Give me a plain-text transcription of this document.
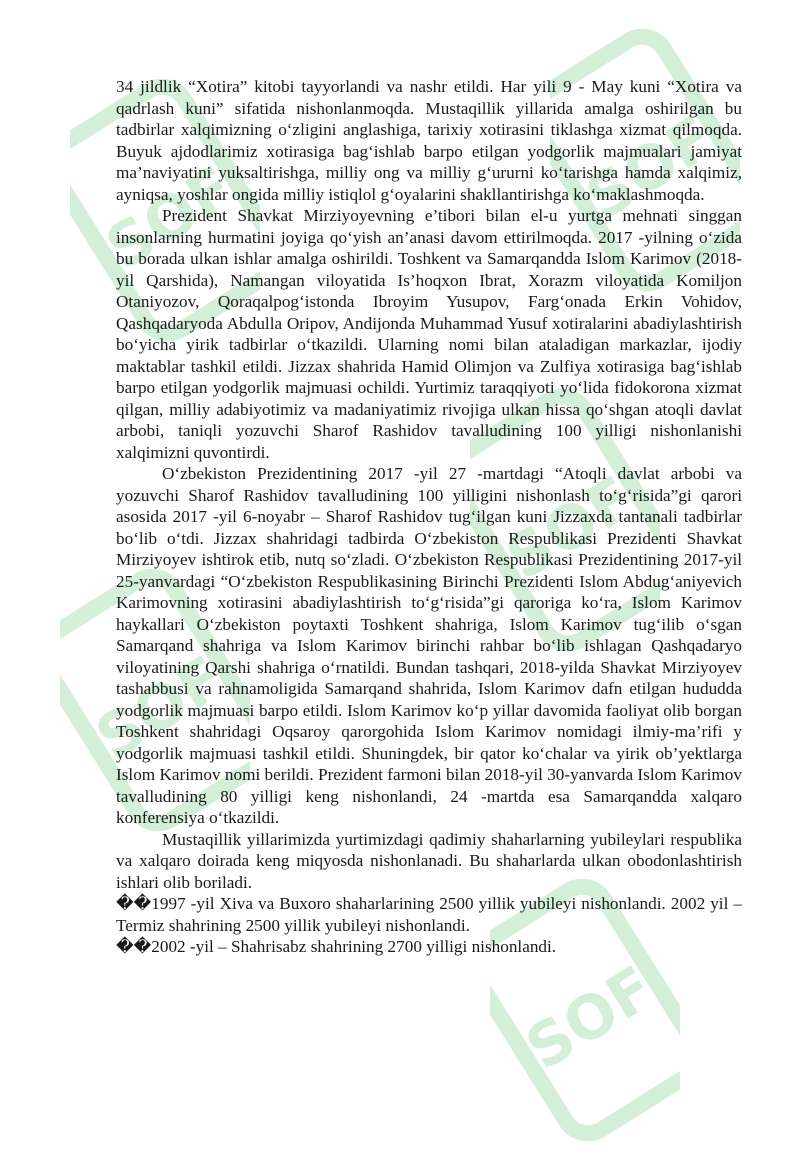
SOF	SOF
SOF
SOF
SOF

34 jildlik “Xotira” kitobi tayyorlandi va nashr etildi. Har yili 9 - May kuni “Xotira va qadrlash kuni” sifatida nishonlanmoqda. Mustaqillik yillarida amalga oshirilgan bu tadbirlar xalqimizning o‘zligini anglashiga, tarixiy xotirasini tiklashga xizmat qilmoqda. Buyuk ajdodlarimiz xotirasiga bag‘ishlab barpo etilgan yodgorlik majmualari jamiyat ma’naviyatini yuksaltirishga, milliy ong va milliy g‘ururni ko‘tarishga hamda xalqimiz, ayniqsa, yoshlar ongida milliy istiqlol g‘oyalarini shakllantirishga ko‘maklashmoqda.

Prezident Shavkat Mirziyoyevning e’tibori bilan el-u yurtga mehnati singgan insonlarning hurmatini joyiga qo‘yish an’anasi davom ettirilmoqda. 2017 -yilning o‘zida bu borada ulkan ishlar amalga oshirildi. Toshkent va Samarqandda Islom Karimov (2018-yil Qarshida), Namangan viloyatida Is’hoqxon Ibrat, Xorazm viloyatida Komiljon Otaniyozov, Qoraqalpog‘istonda Ibroyim Yusupov, Farg‘onada Erkin Vohidov, Qashqadaryoda Abdulla Oripov, Andijonda Muhammad Yusuf xotiralarini abadiylashtirish bo‘yicha yirik tadbirlar o‘tkazildi. Ularning nomi bilan ataladigan markazlar, ijodiy maktablar tashkil etildi. Jizzax shahrida Hamid Olimjon va Zulfiya xotirasiga bag‘ishlab barpo etilgan yodgorlik majmuasi ochildi. Yurtimiz taraqqiyoti yo‘lida fidokorona xizmat qilgan, milliy adabiyotimiz va madaniyatimiz rivojiga ulkan hissa qo‘shgan atoqli davlat arbobi, taniqli yozuvchi Sharof Rashidov tavalludining 100 yilligi nishonlanishi xalqimizni quvontirdi.

O‘zbekiston Prezidentining 2017 -yil 27 -martdagi “Atoqli davlat arbobi va yozuvchi Sharof Rashidov tavalludining 100 yilligini nishonlash to‘g‘risida”gi qarori asosida 2017 -yil 6-noyabr – Sharof Rashidov tug‘ilgan kuni Jizzaxda tantanali tadbirlar bo‘lib o‘tdi. Jizzax shahridagi tadbirda O‘zbekiston Respublikasi Prezidenti Shavkat Mirziyoyev ishtirok etib, nutq so‘zladi. O‘zbekiston Respublikasi Prezidentining 2017-yil 25-yanvardagi “O‘zbekiston Respublikasining Birinchi Prezidenti Islom Abdug‘aniyevich Karimovning xotirasini abadiylashtirish to‘g‘risida”gi qaroriga ko‘ra, Islom Karimov haykallari O‘zbekiston poytaxti Toshkent shahriga, Islom Karimov tug‘ilib o‘sgan Samarqand shahriga va Islom Karimov birinchi rahbar bo‘lib ishlagan Qashqadaryo viloyatining Qarshi shahriga o‘rnatildi. Bundan tashqari, 2018-yilda Shavkat Mirziyoyev tashabbusi va rahnamoligida Samarqand shahrida, Islom Karimov dafn etilgan hududda yodgorlik majmuasi barpo etildi. Islom Karimov ko‘p yillar davomida faoliyat olib borgan Toshkent shahridagi Oqsaroy qarorgohida Islom Karimov nomidagi ilmiy-ma’rifi y yodgorlik majmuasi tashkil etildi. Shuningdek, bir qator ko‘chalar va yirik ob’yektlarga Islom Karimov nomi berildi. Prezident farmoni bilan 2018-yil 30-yanvarda Islom Karimov tavalludining 80 yilligi keng nishonlandi, 24 -martda esa Samarqandda xalqaro konferensiya o‘tkazildi.

Mustaqillik yillarimizda yurtimizdagi qadimiy shaharlarning yubileylari respublika va xalqaro doirada keng miqyosda nishonlanadi. Bu shaharlarda ulkan obodonlashtirish ishlari olib boriladi.

��1997 -yil Xiva va Buxoro shaharlarining 2500 yillik yubileyi nishonlandi. 2002 yil – Termiz shahrining 2500 yillik yubileyi nishonlandi.

��2002 -yil – Shahrisabz shahrining 2700 yilligi nishonlandi.
